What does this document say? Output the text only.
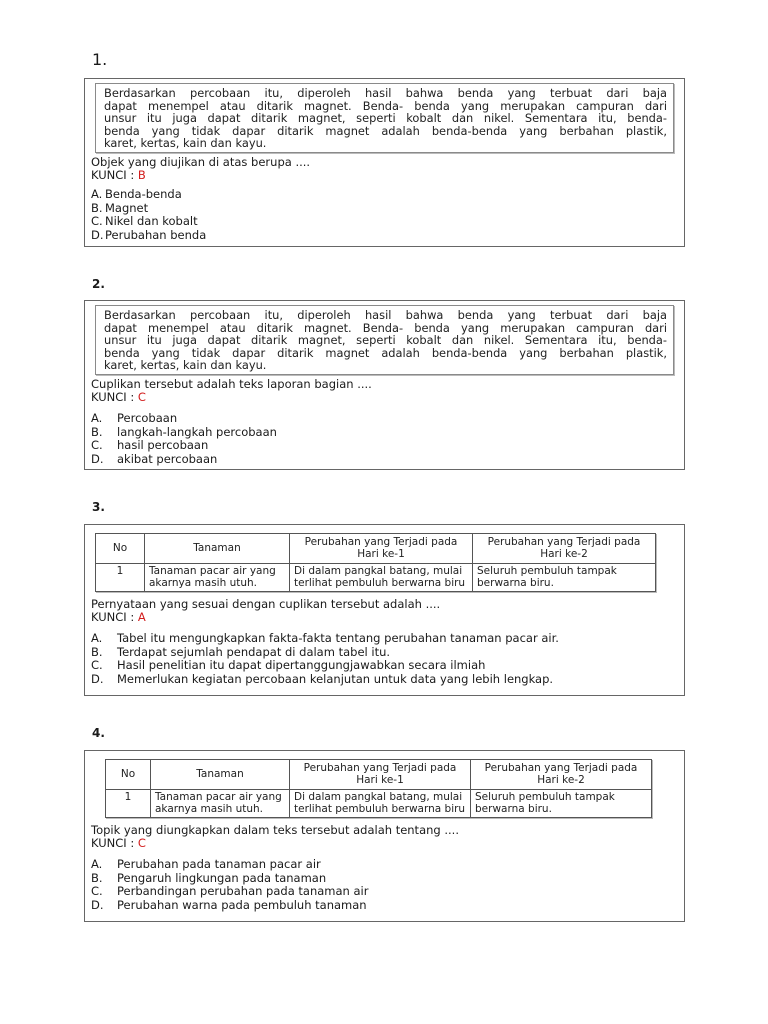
1.
Berdasarkan percobaan itu, diperoleh hasil bahwa benda yang terbuat dari baja
dapat menempel atau ditarik magnet. Benda- benda yang merupakan campuran dari
unsur itu juga dapat ditarik magnet, seperti kobalt dan nikel. Sementara itu, benda-
benda yang tidak dapar ditarik magnet adalah benda-benda yang berbahan plastik,
karet, kertas, kain dan kayu.
Objek yang diujikan di atas berupa ....
KUNCI : B
A. Benda-benda
B. Magnet
C. Nikel dan kobalt
D. Perubahan benda
2.
Berdasarkan percobaan itu, diperoleh hasil bahwa benda yang terbuat dari baja
dapat menempel atau ditarik magnet. Benda- benda yang merupakan campuran dari
unsur itu juga dapat ditarik magnet, seperti kobalt dan nikel. Sementara itu, benda-
benda yang tidak dapar ditarik magnet adalah benda-benda yang berbahan plastik,
karet, kertas, kain dan kayu.
Cuplikan tersebut adalah teks laporan bagian ....
KUNCI : C
A.	Percobaan
B.	langkah-langkah percobaan
C.	hasil percobaan
D.	akibat percobaan
3.
No	Tanaman	Perubahan yang Terjadi pada Hari ke-1	Perubahan yang Terjadi pada Hari ke-2
1	Tanaman pacar air yang akarnya masih utuh.	Di dalam pangkal batang, mulai terlihat pembuluh berwarna biru	Seluruh pembuluh tampak berwarna biru.
Pernyataan yang sesuai dengan cuplikan tersebut adalah ....
KUNCI : A
A.	Tabel itu mengungkapkan fakta-fakta tentang perubahan tanaman pacar air.
B.	Terdapat sejumlah pendapat di dalam tabel itu.
C.	Hasil penelitian itu dapat dipertanggungjawabkan secara ilmiah
D.	Memerlukan kegiatan percobaan kelanjutan untuk data yang lebih lengkap.
4.
No	Tanaman	Perubahan yang Terjadi pada Hari ke-1	Perubahan yang Terjadi pada Hari ke-2
1	Tanaman pacar air yang akarnya masih utuh.	Di dalam pangkal batang, mulai terlihat pembuluh berwarna biru	Seluruh pembuluh tampak berwarna biru.
Topik yang diungkapkan dalam teks tersebut adalah tentang ....
KUNCI : C
A.	Perubahan pada tanaman pacar air
B.	Pengaruh lingkungan pada tanaman
C.	Perbandingan perubahan pada tanaman air
D.	Perubahan warna pada pembuluh tanaman
